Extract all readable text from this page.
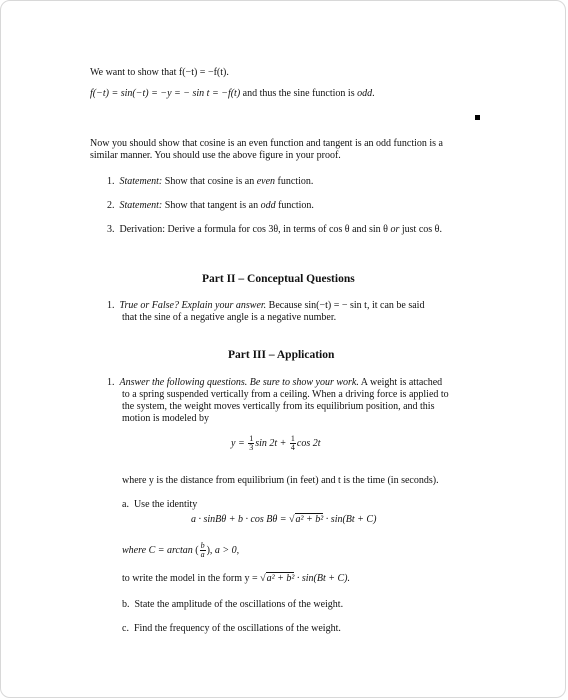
We want to show that f(−t) = −f(t).
f(−t) = sin(−t) = −y = − sin t = −f(t) and thus the sine function is odd.
Now you should show that cosine is an even function and tangent is an odd function is a
similar manner. You should use the above figure in your proof.
1. Statement: Show that cosine is an even function.
2. Statement: Show that tangent is an odd function.
3. Derivation: Derive a formula for cos 3θ, in terms of cos θ and sin θ or just cos θ.
Part II – Conceptual Questions
1. True or False? Explain your answer. Because sin(−t) = − sin t, it can be said
that the sine of a negative angle is a negative number.
Part III – Application
1. Answer the following questions. Be sure to show your work. A weight is attached
to a spring suspended vertically from a ceiling. When a driving force is applied to
the system, the weight moves vertically from its equilibrium position, and this
motion is modeled by
$y = \frac{1}{3}$ $\sin 2t + \frac{1}{4}$ cos 2t
where y is the distance from equilibrium (in feet) and t is the time (in seconds).
a. Use the identity
a · sinBθ + b · cos Bθ = √a² + b² · sin(Bt + C)
where C = arctan ( $\frac{b}{a}$ ), a > 0,
to write the model in the form y = √a² + b² · sin(Bt + C).
b. State the amplitude of the oscillations of the weight.
c. Find the frequency of the oscillations of the weight.
